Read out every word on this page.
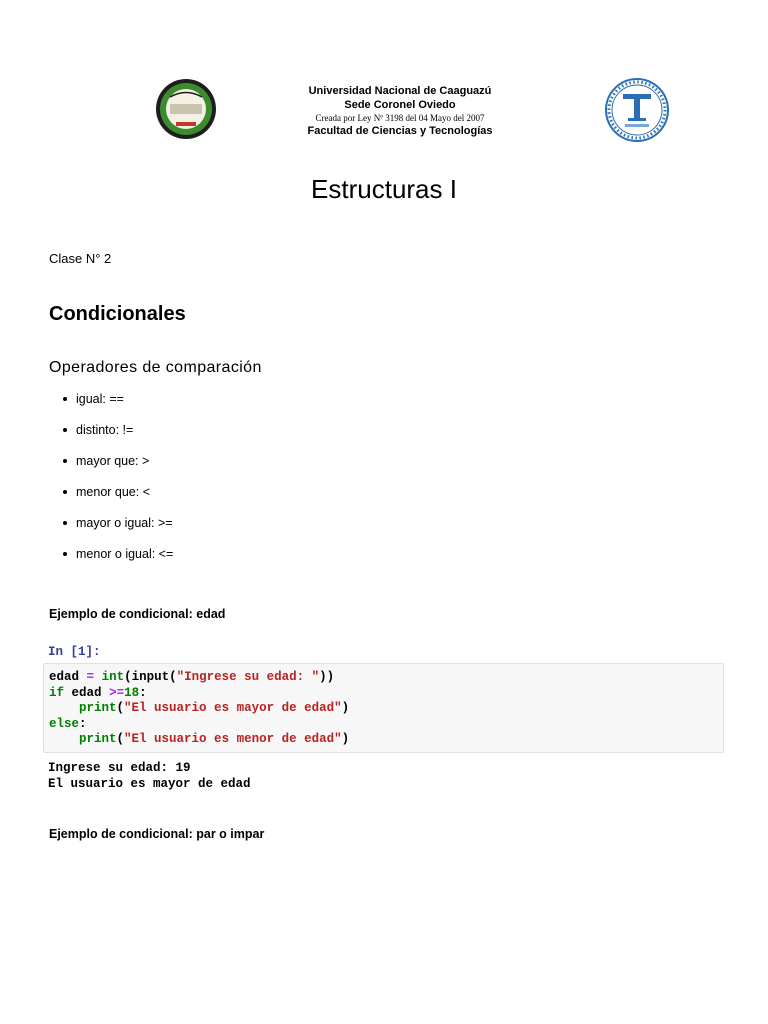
Universidad Nacional de Caaguazú
Sede Coronel Oviedo
Creada por Ley Nº 3198 del 04 Mayo del 2007
Facultad de Ciencias y Tecnologías
Estructuras I
Clase N° 2
Condicionales
Operadores de comparación
igual: ==
distinto: !=
mayor que: >
menor que: <
mayor o igual: >=
menor o igual: <=
Ejemplo de condicional: edad
In [1]:
edad = int(input("Ingrese su edad: "))
if edad >=18:
print("El usuario es mayor de edad")
else:
print("El usuario es menor de edad")
Ingrese su edad: 19
El usuario es mayor de edad
Ejemplo de condicional: par o impar
